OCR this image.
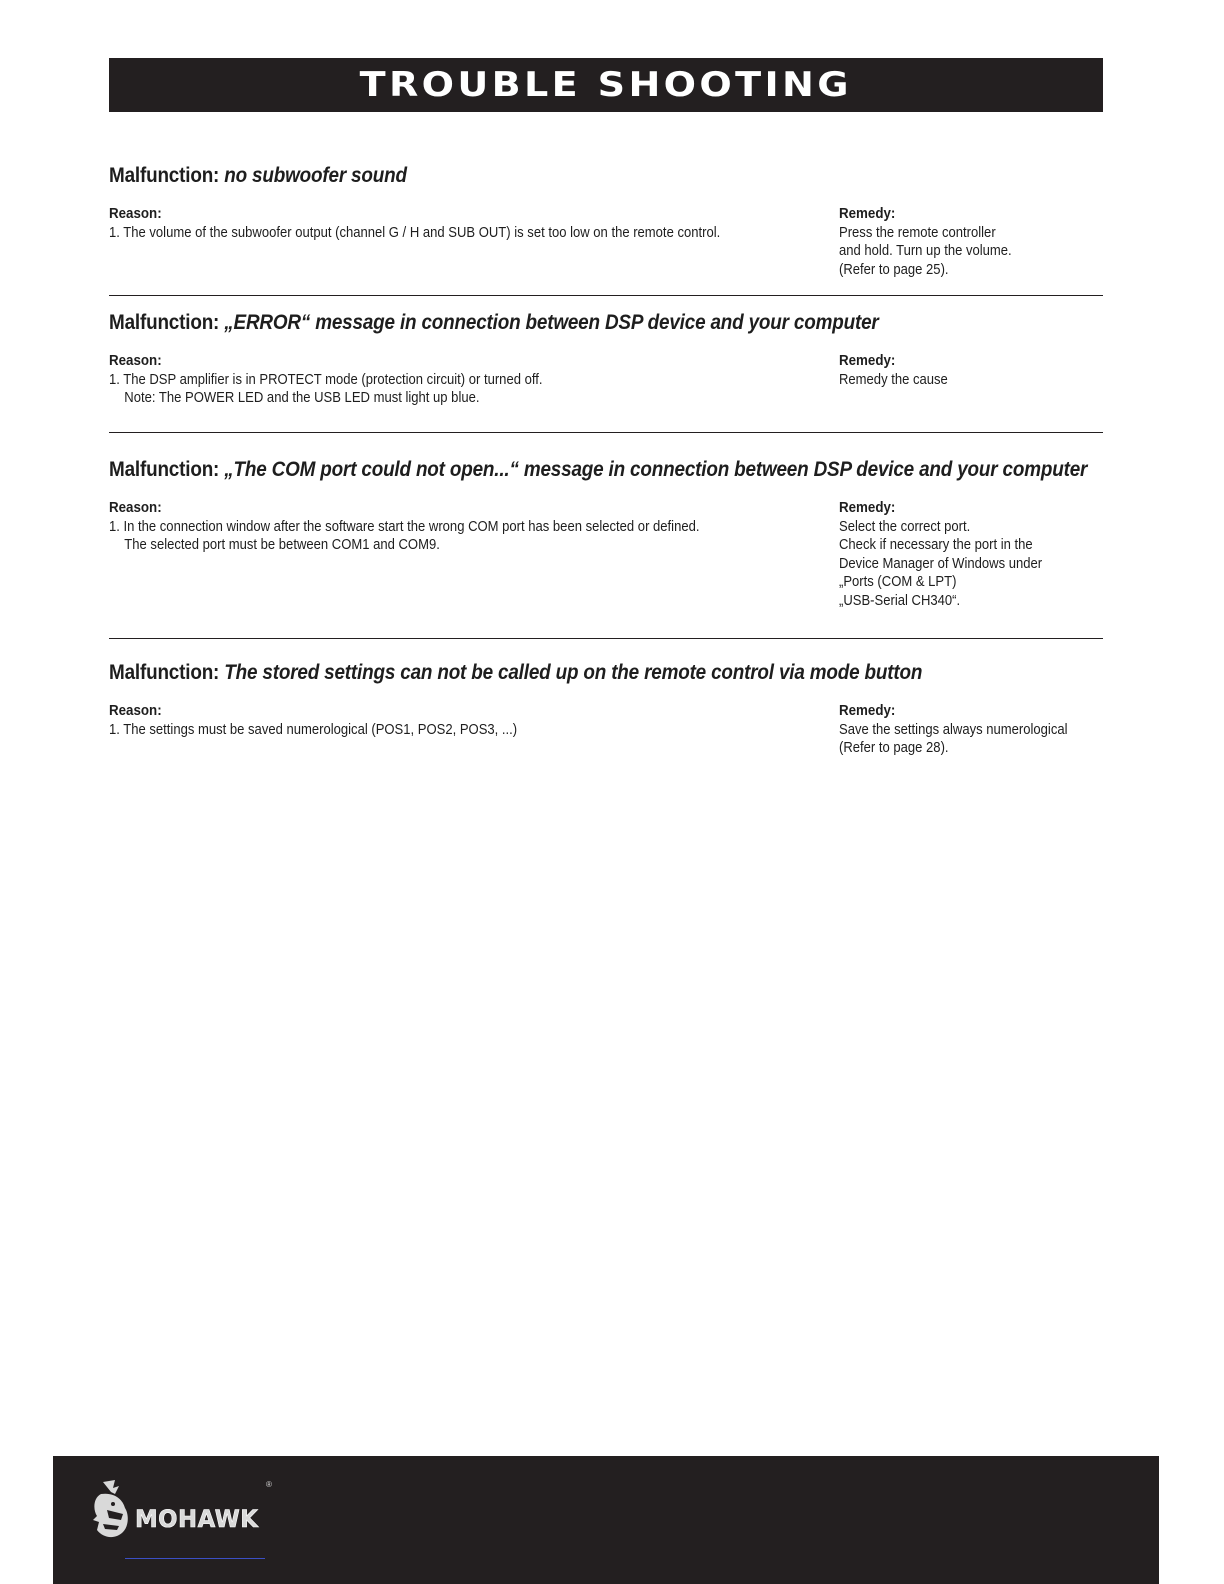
TROUBLE SHOOTING
Malfunction: no subwoofer sound
Reason:
1. The volume of the subwoofer output (channel G / H and SUB OUT) is set too low on the remote control.
Remedy:
Press the remote controller
and hold. Turn up the volume.
(Refer to page 25).
Malfunction: „ERROR“ message in connection between DSP device and your computer
Reason:
1. The DSP amplifier is in PROTECT mode (protection circuit) or turned off.
Note: The POWER LED and the USB LED must light up blue.
Remedy:
Remedy the cause
Malfunction: „The COM port could not open...“ message in connection between DSP device and your computer
Reason:
1. In the connection window after the software start the wrong COM port has been selected or defined.
The selected port must be between COM1 and COM9.
Remedy:
Select the correct port.
Check if necessary the port in the
Device Manager of Windows under
„Ports (COM & LPT)
„USB-Serial CH340“.
Malfunction: The stored settings can not be called up on the remote control via mode button
Reason:
1. The settings must be saved numerological (POS1, POS2, POS3, ...)
Remedy:
Save the settings always numerological
(Refer to page 28).
MOHAWK
®
